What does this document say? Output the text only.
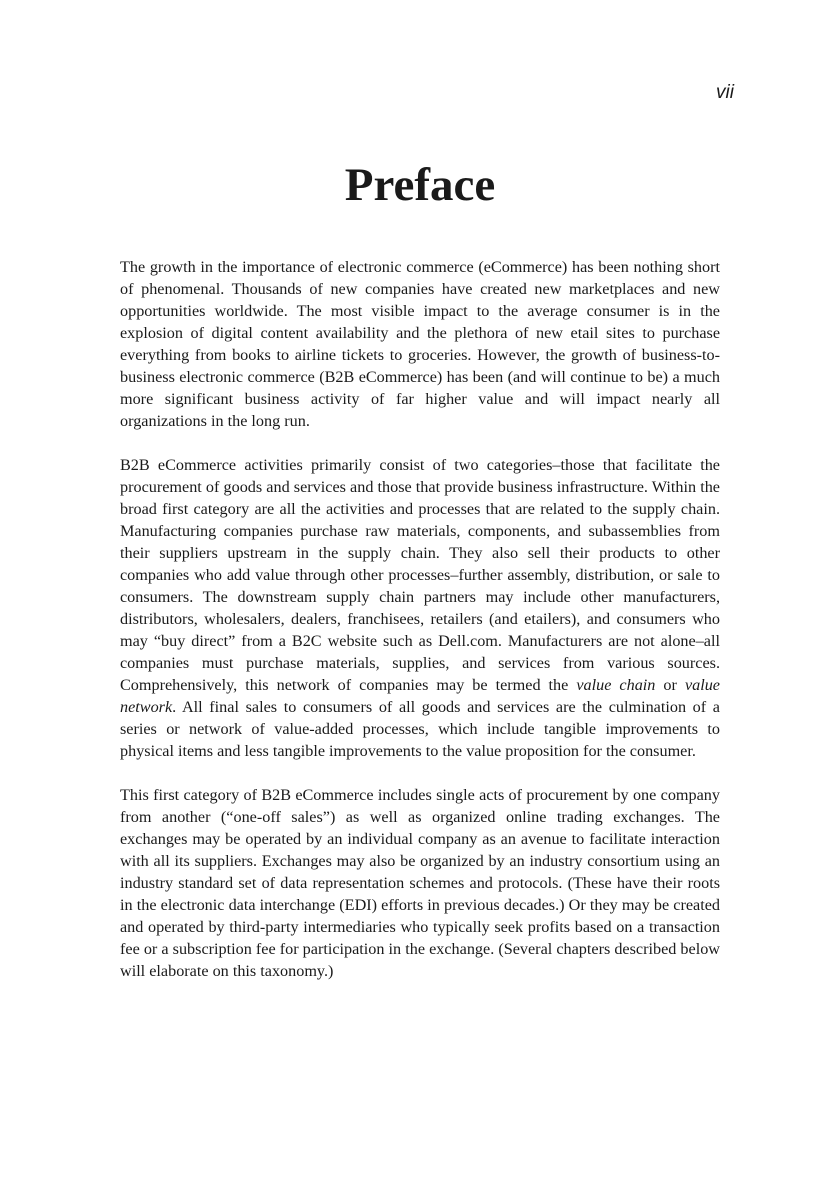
vii
Preface

The growth in the importance of electronic commerce (eCommerce) has been nothing short of phenomenal. Thousands of new companies have created new marketplaces and new opportunities worldwide. The most visible impact to the average consumer is in the explosion of digital content availability and the plethora of new etail sites to purchase everything from books to airline tickets to groceries. However, the growth of business-to-business electronic commerce (B2B eCommerce) has been (and will continue to be) a much more significant business activity of far higher value and will impact nearly all organizations in the long run.

B2B eCommerce activities primarily consist of two categories–those that facilitate the procurement of goods and services and those that provide business infrastructure. Within the broad first category are all the activities and processes that are related to the supply chain. Manufacturing companies purchase raw materials, components, and subassemblies from their suppliers upstream in the supply chain. They also sell their products to other companies who add value through other processes–further assembly, distribution, or sale to consumers. The downstream supply chain partners may include other manufacturers, distributors, wholesalers, dealers, franchisees, retailers (and etailers), and consumers who may “buy direct” from a B2C website such as Dell.com. Manufacturers are not alone–all companies must purchase materials, supplies, and services from various sources. Comprehensively, this network of companies may be termed the value chain or value network. All final sales to consumers of all goods and services are the culmination of a series or network of value-added processes, which include tangible improvements to physical items and less tangible improvements to the value proposition for the consumer.

This first category of B2B eCommerce includes single acts of procurement by one company from another (“one-off sales”) as well as organized online trading exchanges. The exchanges may be operated by an individual company as an avenue to facilitate interaction with all its suppliers. Exchanges may also be organized by an industry consortium using an industry standard set of data representation schemes and protocols. (These have their roots in the electronic data interchange (EDI) efforts in previous decades.) Or they may be created and operated by third-party intermediaries who typically seek profits based on a transaction fee or a subscription fee for participation in the exchange. (Several chapters described below will elaborate on this taxonomy.)
